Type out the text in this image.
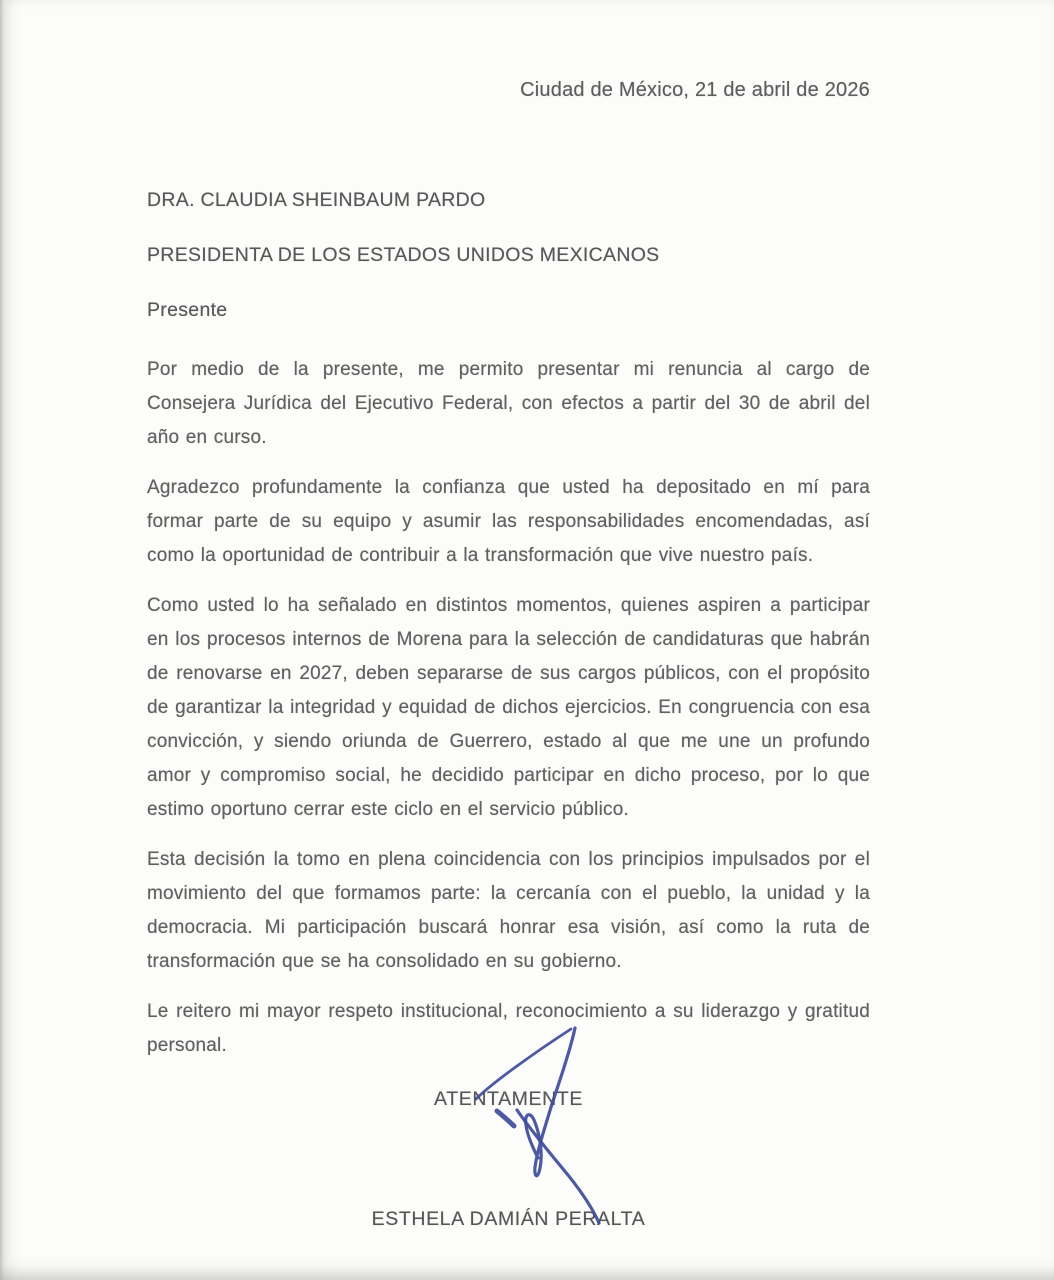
Ciudad de México, 21 de abril de 2026

DRA. CLAUDIA SHEINBAUM PARDO

PRESIDENTA DE LOS ESTADOS UNIDOS MEXICANOS

Presente

Por medio de la presente, me permito presentar mi renuncia al cargo de Consejera Jurídica del Ejecutivo Federal, con efectos a partir del 30 de abril del año en curso.

Agradezco profundamente la confianza que usted ha depositado en mí para formar parte de su equipo y asumir las responsabilidades encomendadas, así como la oportunidad de contribuir a la transformación que vive nuestro país.

Como usted lo ha señalado en distintos momentos, quienes aspiren a participar en los procesos internos de Morena para la selección de candidaturas que habrán de renovarse en 2027, deben separarse de sus cargos públicos, con el propósito de garantizar la integridad y equidad de dichos ejercicios. En congruencia con esa convicción, y siendo oriunda de Guerrero, estado al que me une un profundo amor y compromiso social, he decidido participar en dicho proceso, por lo que estimo oportuno cerrar este ciclo en el servicio público.

Esta decisión la tomo en plena coincidencia con los principios impulsados por el movimiento del que formamos parte: la cercanía con el pueblo, la unidad y la democracia. Mi participación buscará honrar esa visión, así como la ruta de transformación que se ha consolidado en su gobierno.

Le reitero mi mayor respeto institucional, reconocimiento a su liderazgo y gratitud personal.

ATENTAMENTE

ESTHELA DAMIÁN PERALTA
